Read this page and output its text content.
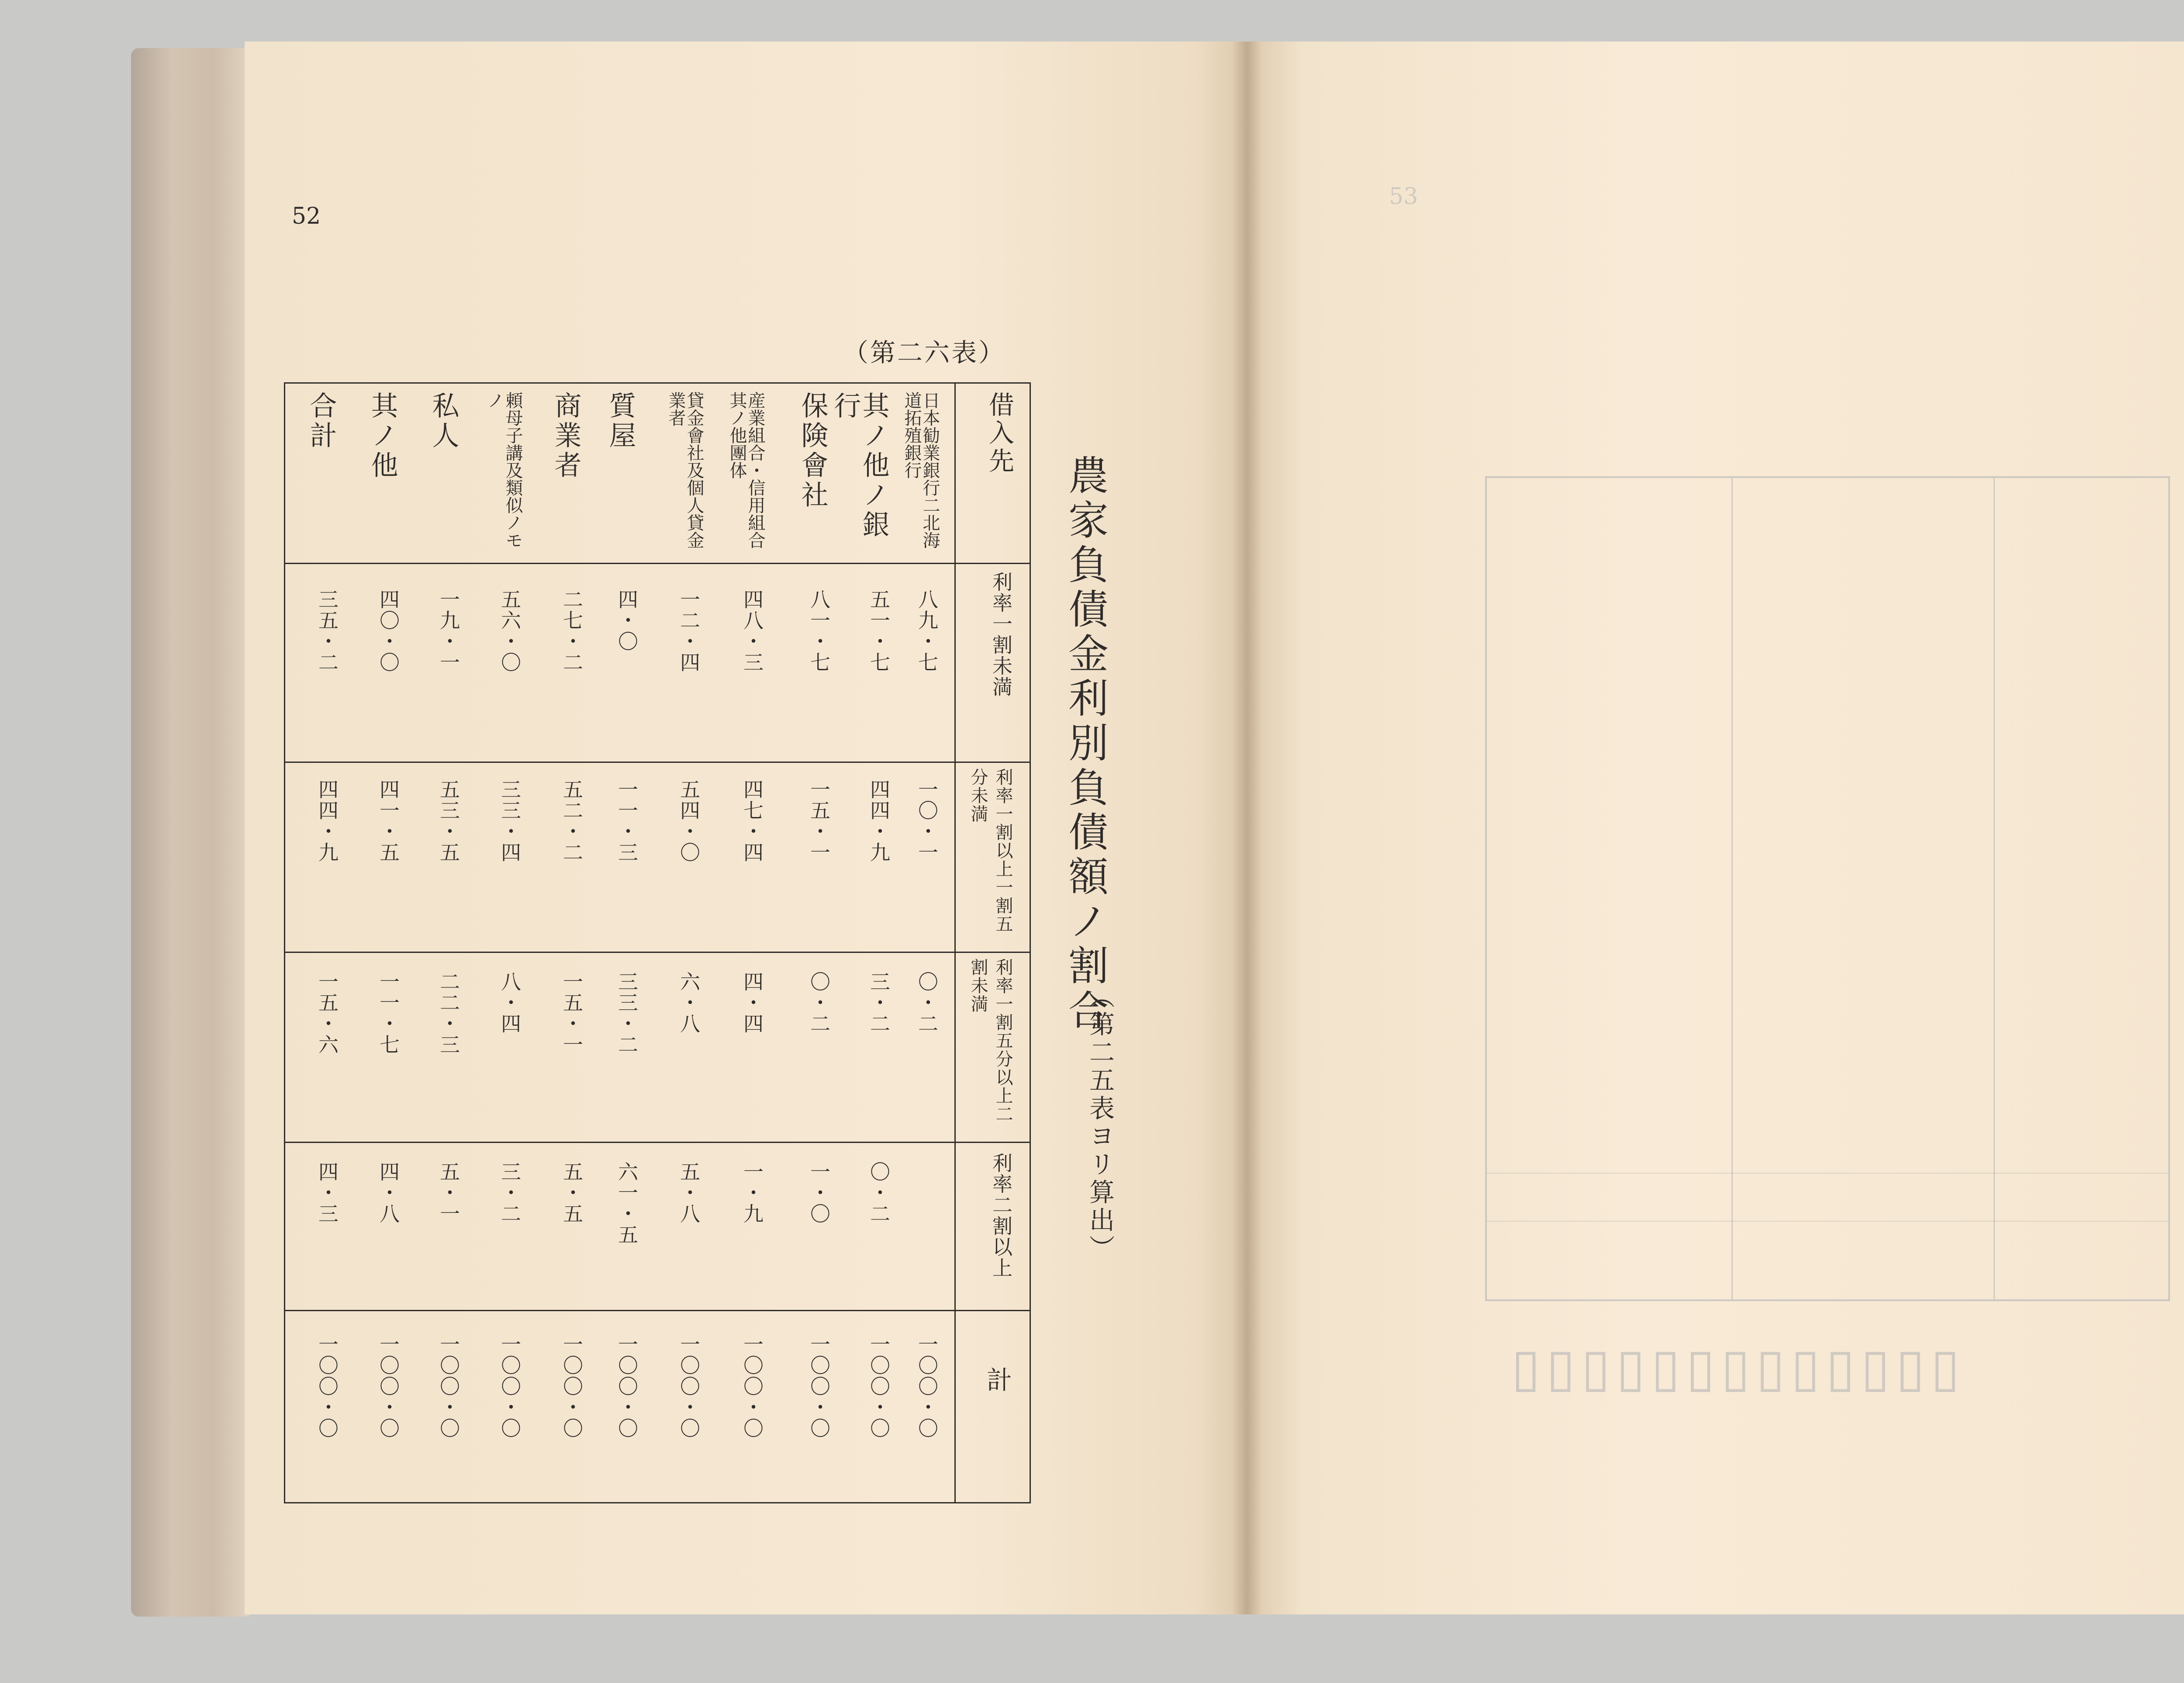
52
（第二六表）
農家負債金利別負債額ノ割合
（第二五表ヨリ算出）
借入先
日本勧業銀行二北海道拓殖銀行
其ノ他ノ銀行
保険會社
産業組合・信用組合其ノ他團体
貸金會社及個人貸金業者
質屋
商業者
頼母子講及類似ノモノ
私人
其ノ他
合計
利率一割未満
利率一割以上一割五分未満
利率一割五分以上二割未満
利率二割以上
計
八九・七
五一・七
八一・七
四八・三
一二・四
四・〇
二七・二
五六・〇
一九・一
四〇・〇
三五・二
一〇・一
四四・九
一五・一
四七・四
五四・〇
一一・三
五二・二
三三・四
五三・五
四一・五
四四・九
〇・二
三・二
〇・二
四・四
六・八
三三・二
一五・一
八・四
二二・三
一一・七
一五・六
〇・二
一・〇
一・九
五・八
六一・五
五・五
三・二
五・一
四・八
四・三
一〇〇・〇
一〇〇・〇
一〇〇・〇
一〇〇・〇
一〇〇・〇
一〇〇・〇
一〇〇・〇
一〇〇・〇
一〇〇・〇
一〇〇・〇
一〇〇・〇
53
▯▯▯▯▯▯▯▯▯▯▯▯▯
